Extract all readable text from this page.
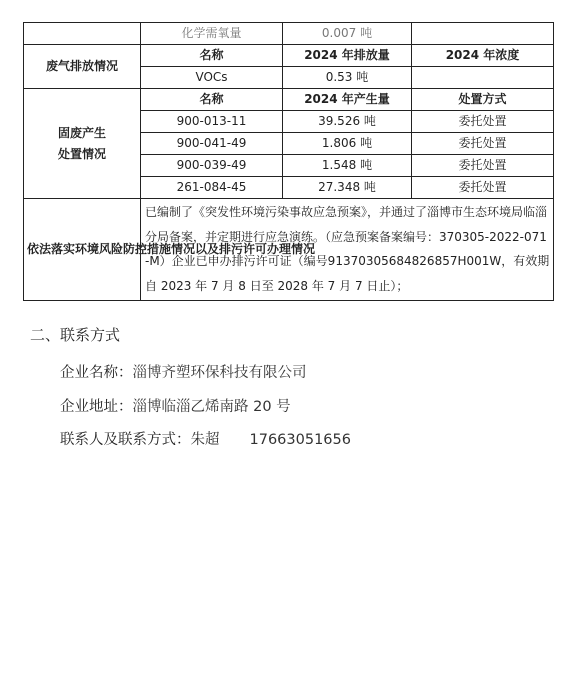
	化学需氧量	0.007 吨	
废气排放情况	名称	2024 年排放量	2024 年浓度
	VOCs	0.53 吨	
固废产生
处置情况	名称	2024 年产生量	处置方式
	900-013-11	39.526 吨	委托处置
	900-041-49	1.806 吨	委托处置
	900-039-49	1.548 吨	委托处置
	261-084-45	27.348 吨	委托处置
依法落实环境风险防控措施情况以及排污许可办理情况	已编制了《突发性环境污染事故应急预案》，并通过了淄博市生态环境局临淄分局备案，并定期进行应急演练。（应急预案备案编号：370305-2022-071-M）企业已申办排污许可证（编号91370305684826857H001W，有效期自 2023 年 7 月 8 日至 2028 年 7 月 7 日止）；		
二、联系方式
企业名称：淄博齐塑环保科技有限公司
企业地址：淄博临淄乙烯南路 20 号
联系人及联系方式：朱超 17663051656
